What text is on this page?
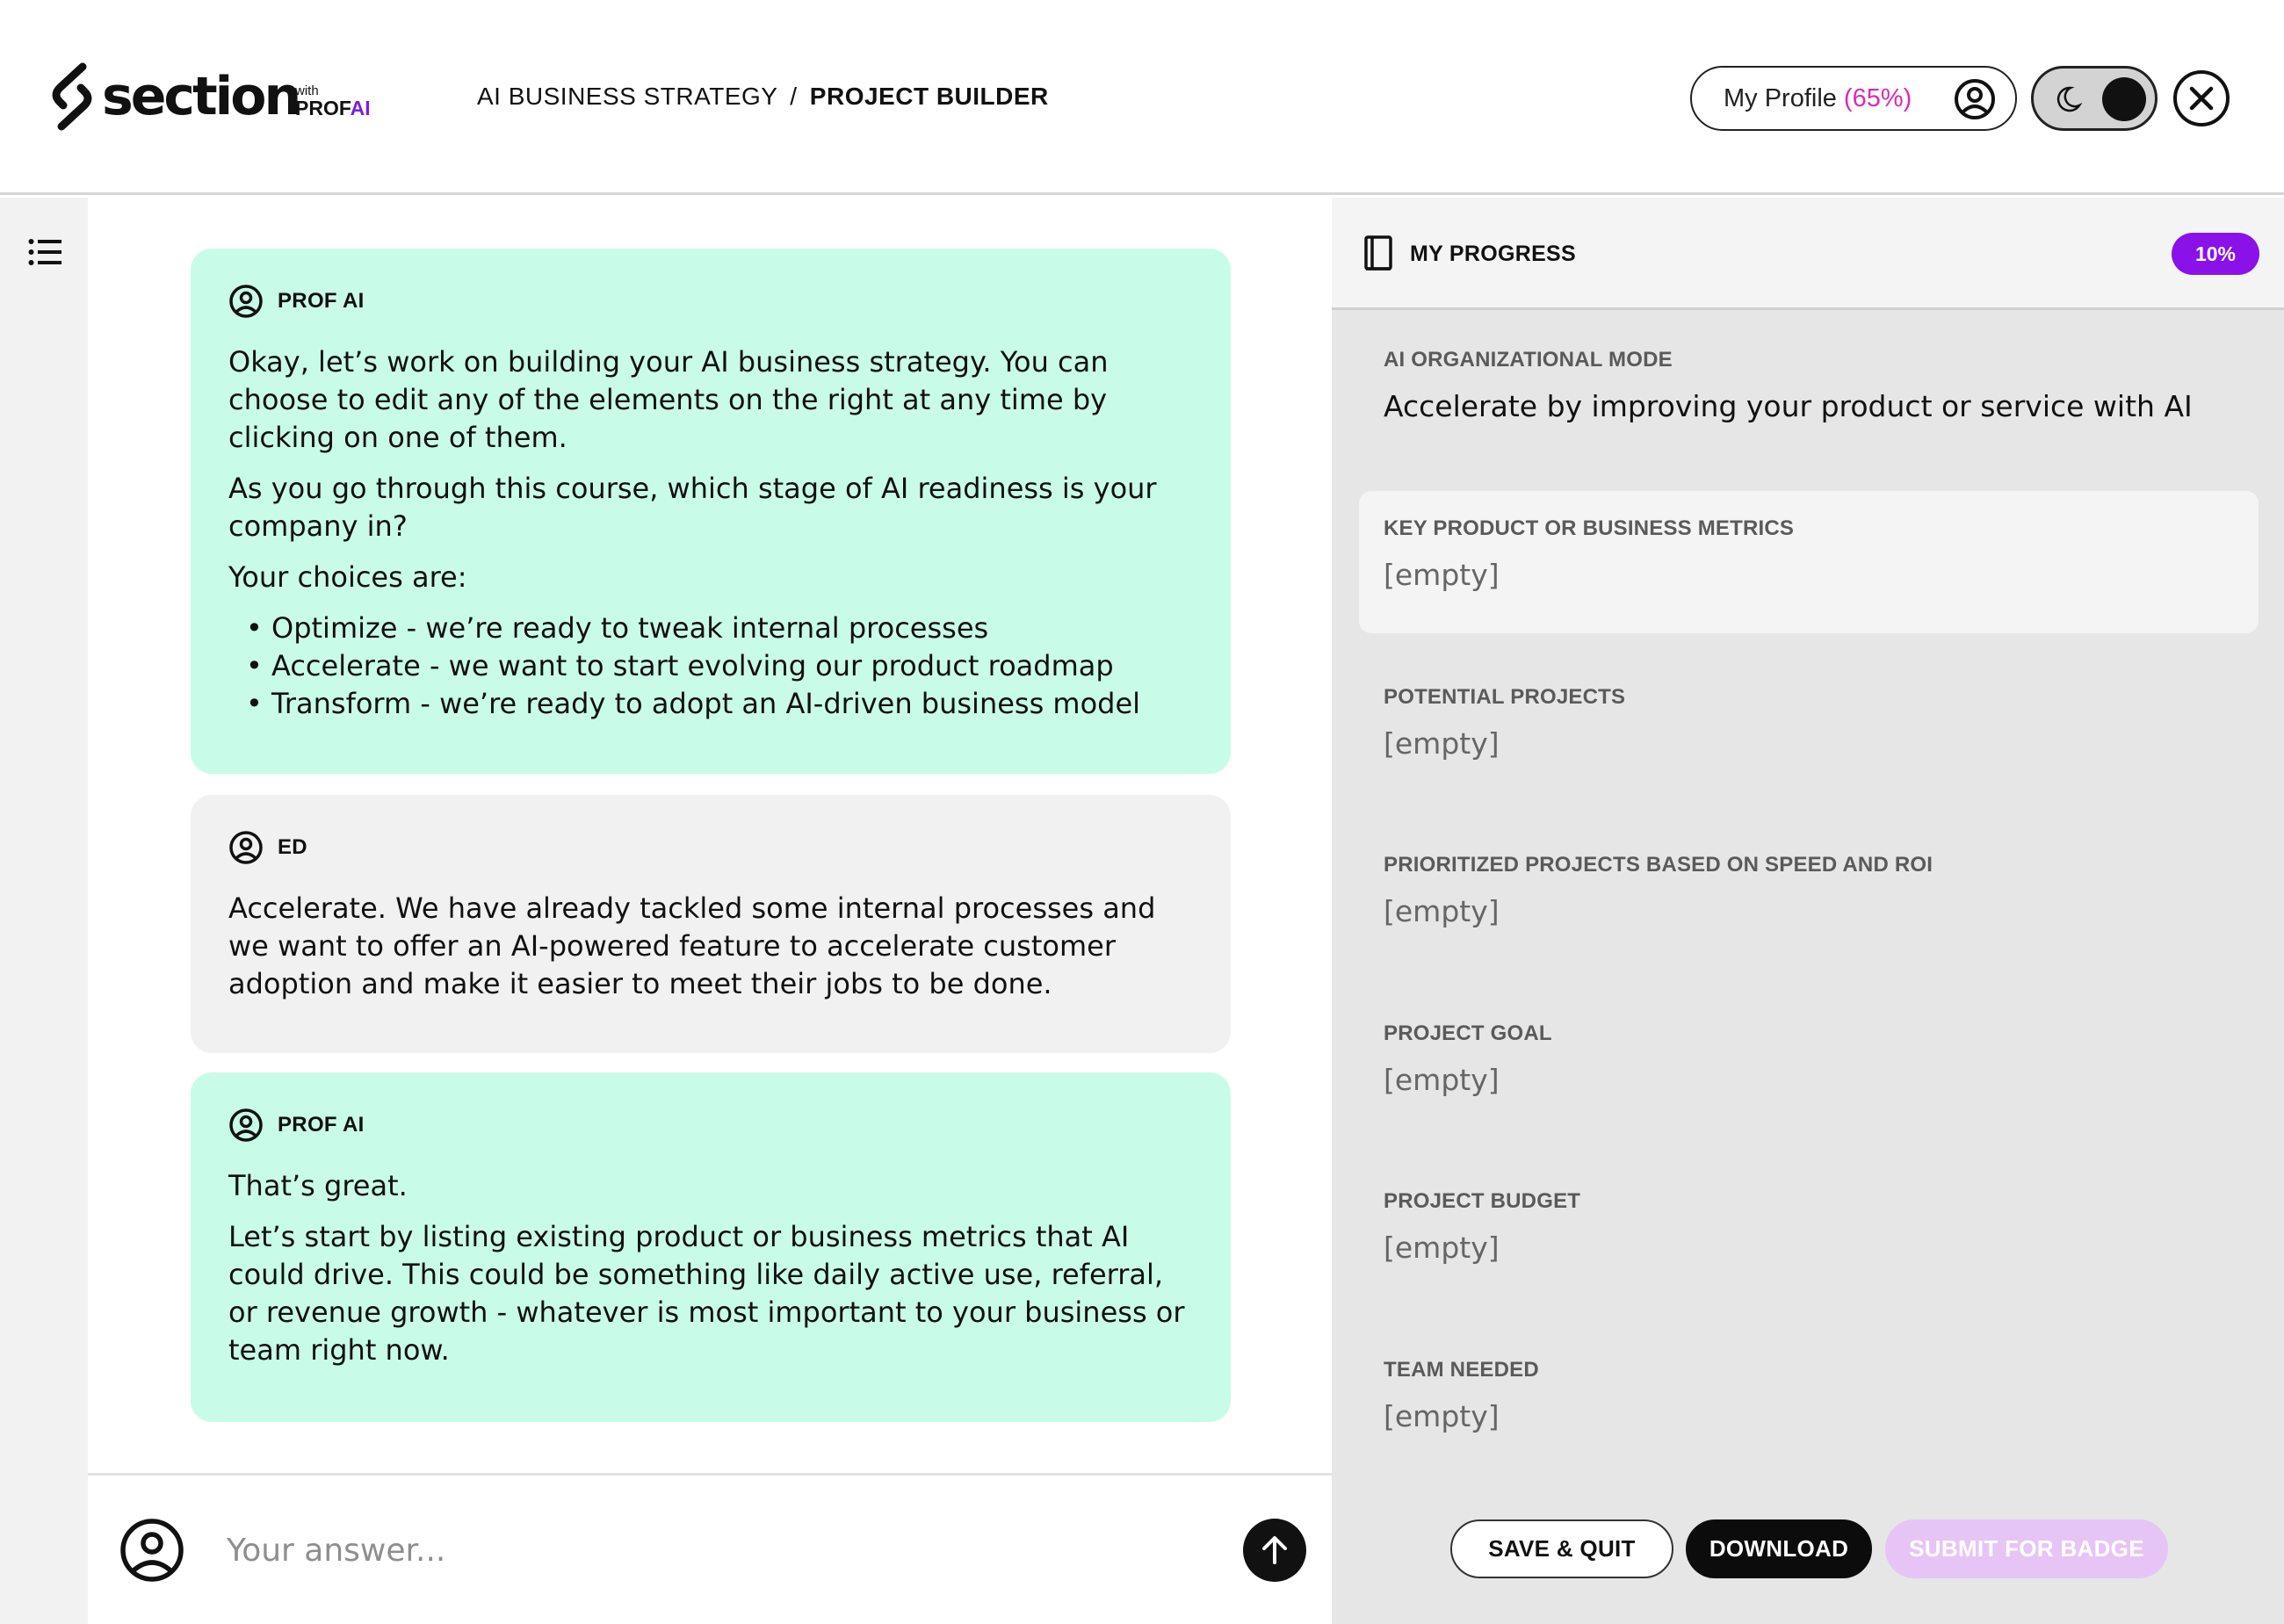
section
with
PROFAI	AI BUSINESS STRATEGY / PROJECT BUILDER	My Profile (65%)
PROF AI

Okay, let’s work on building your AI business strategy. You can choose to edit any of the elements on the right at any time by clicking on one of them.

As you go through this course, which stage of AI readiness is your company in?

Your choices are:

• Optimize - we’re ready to tweak internal processes
• Accelerate - we want to start evolving our product roadmap
• Transform - we’re ready to adopt an AI-driven business model
ED

Accelerate. We have already tackled some internal processes and we want to offer an AI-powered feature to accelerate customer adoption and make it easier to meet their jobs to be done.

PROF AI

That’s great.

Let’s start by listing existing product or business metrics that AI could drive. This could be something like daily active use, referral, or revenue growth - whatever is most important to your business or team right now.

Your answer...
MY PROGRESS	10%
AI ORGANIZATIONAL MODE
Accelerate by improving your product or service with AI
KEY PRODUCT OR BUSINESS METRICS
[empty]
POTENTIAL PROJECTS
[empty]
PRIORITIZED PROJECTS BASED ON SPEED AND ROI
[empty]
PROJECT GOAL
[empty]
PROJECT BUDGET
[empty]
TEAM NEEDED
[empty]
SAVE & QUIT	DOWNLOAD	SUBMIT FOR BADGE
